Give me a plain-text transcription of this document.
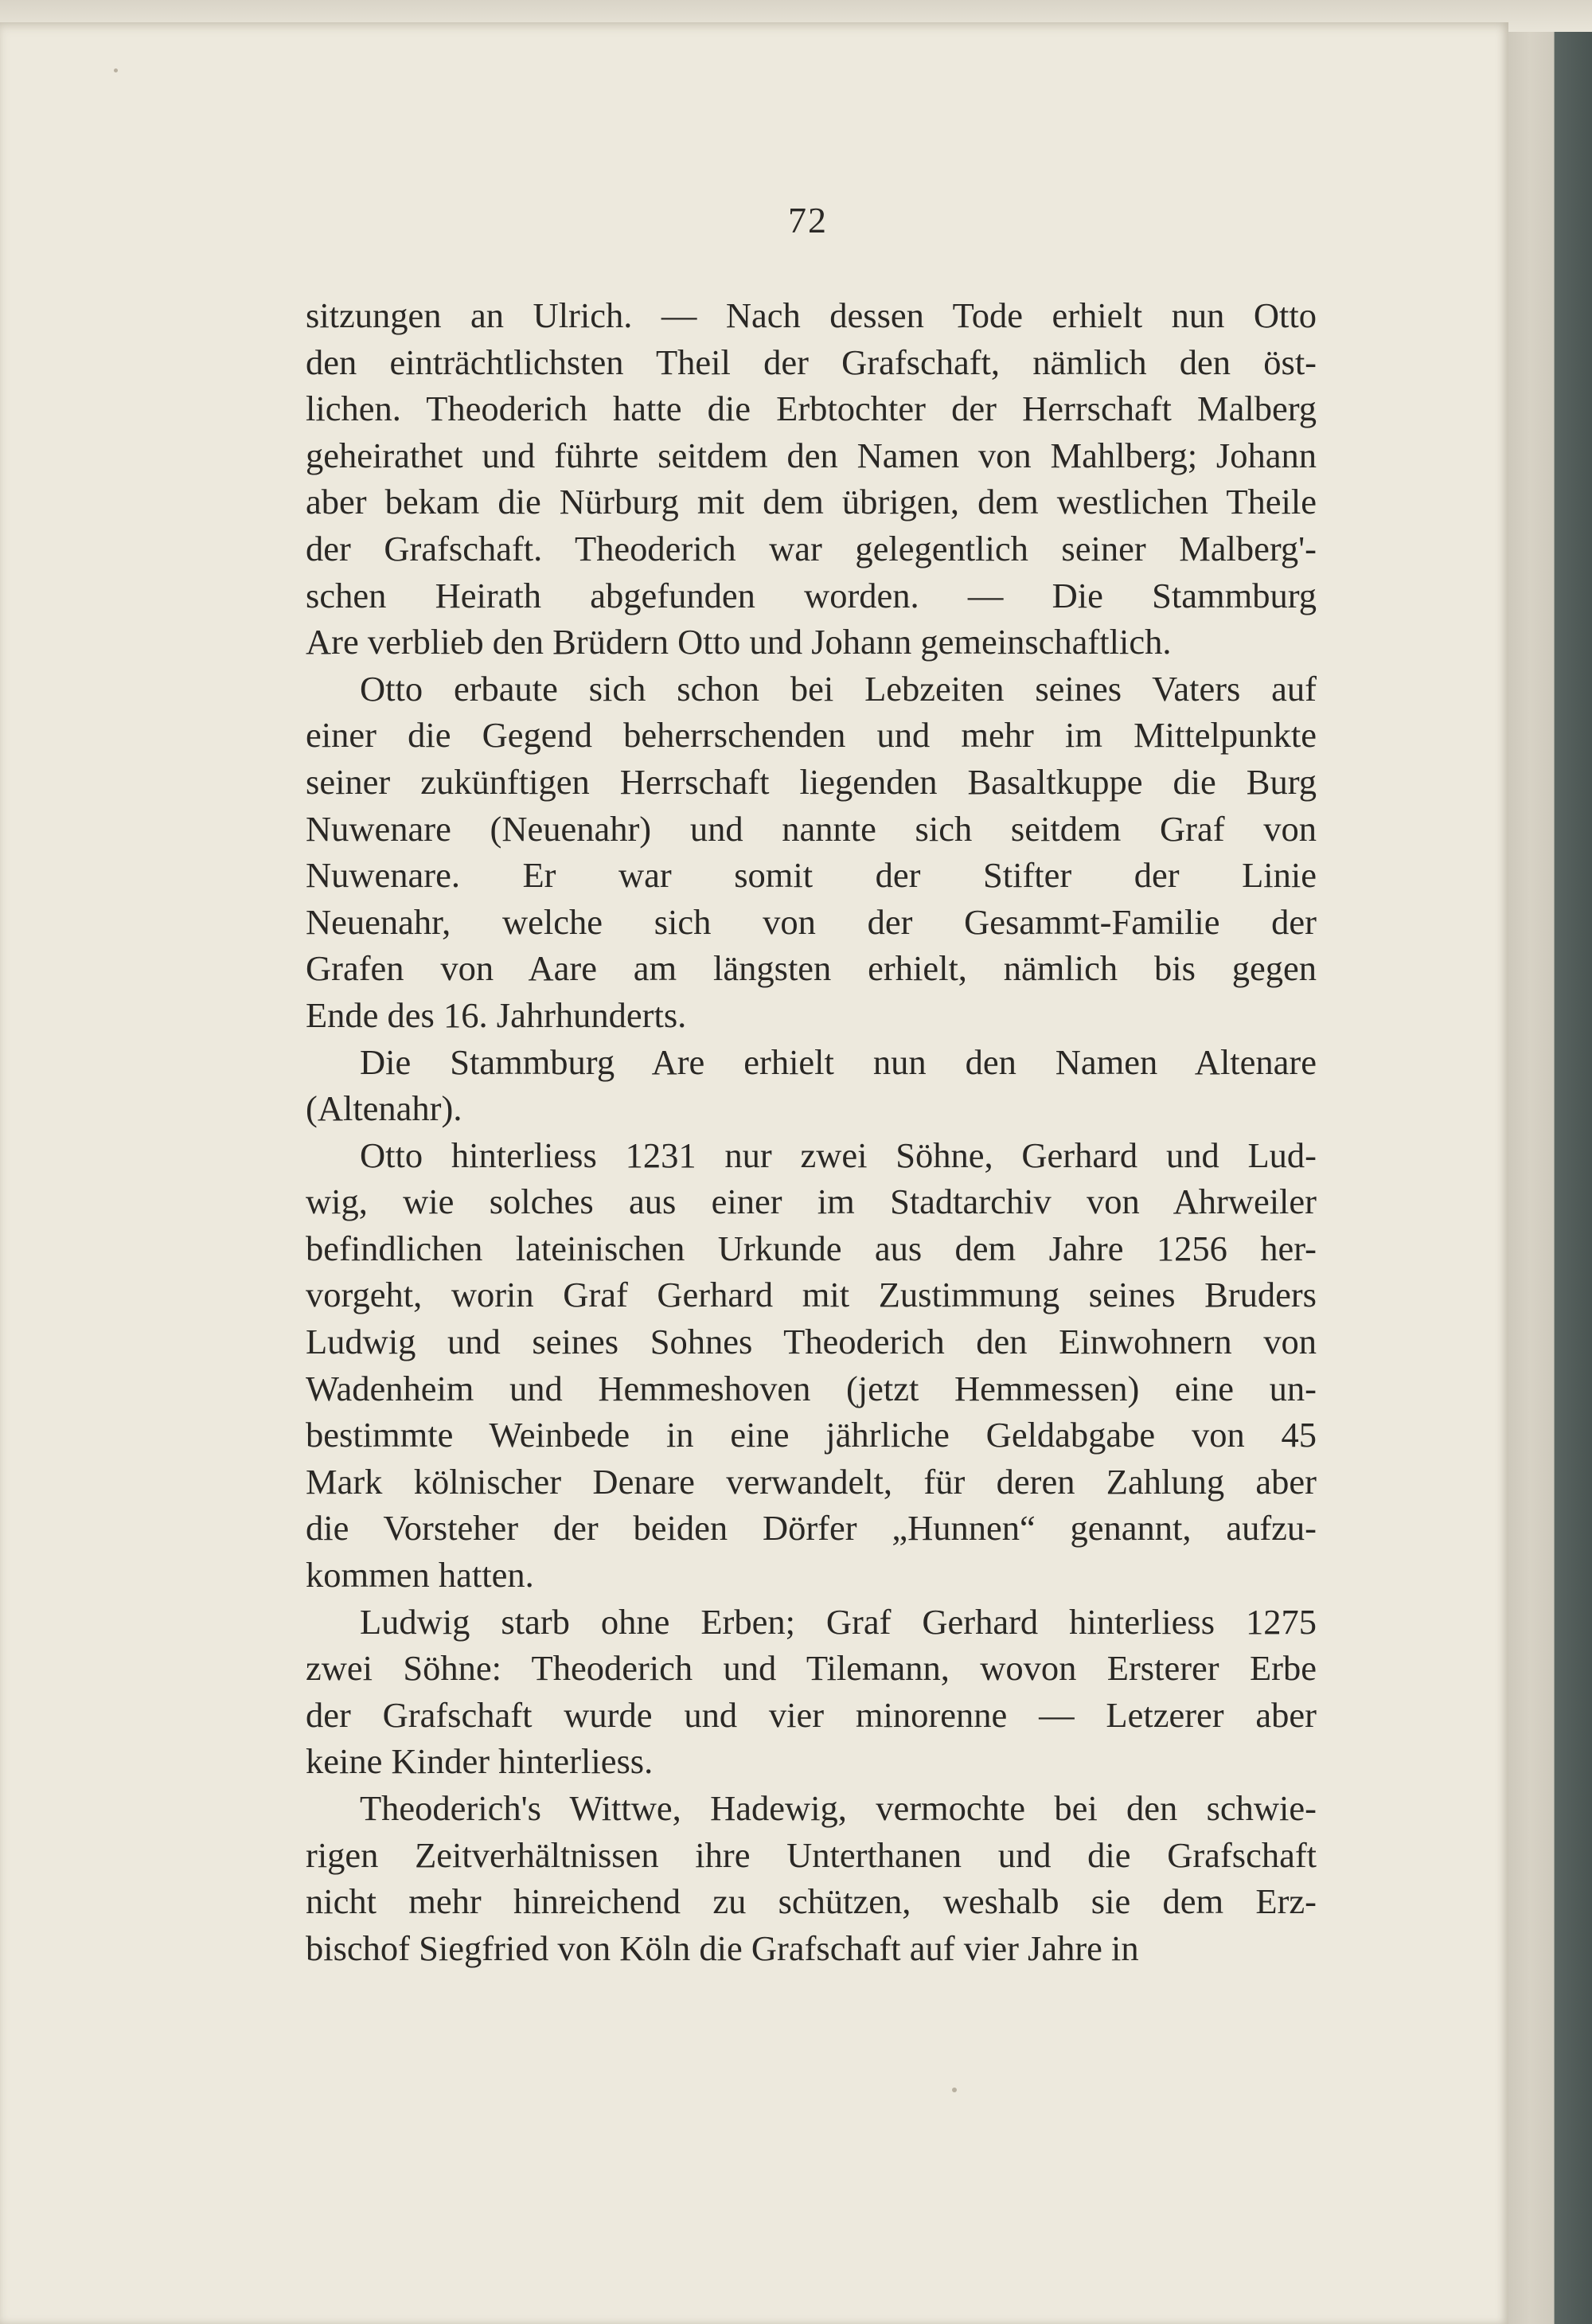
72
sitzungen an Ulrich. — Nach dessen Tode erhielt nun Otto
den einträchtlichsten Theil der Grafschaft, nämlich den öst-
lichen. Theoderich hatte die Erbtochter der Herrschaft Malberg
geheirathet und führte seitdem den Namen von Mahlberg; Johann
aber bekam die Nürburg mit dem übrigen, dem westlichen Theile
der Grafschaft. Theoderich war gelegentlich seiner Malberg'-
schen Heirath abgefunden worden. — Die Stammburg
Are verblieb den Brüdern Otto und Johann gemeinschaftlich.
Otto erbaute sich schon bei Lebzeiten seines Vaters auf
einer die Gegend beherrschenden und mehr im Mittelpunkte
seiner zukünftigen Herrschaft liegenden Basaltkuppe die Burg
Nuwenare (Neuenahr) und nannte sich seitdem Graf von
Nuwenare. Er war somit der Stifter der Linie
Neuenahr, welche sich von der Gesammt-Familie der
Grafen von Aare am längsten erhielt, nämlich bis gegen
Ende des 16. Jahrhunderts.
Die Stammburg Are erhielt nun den Namen Altenare
(Altenahr).
Otto hinterliess 1231 nur zwei Söhne, Gerhard und Lud-
wig, wie solches aus einer im Stadtarchiv von Ahrweiler
befindlichen lateinischen Urkunde aus dem Jahre 1256 her-
vorgeht, worin Graf Gerhard mit Zustimmung seines Bruders
Ludwig und seines Sohnes Theoderich den Einwohnern von
Wadenheim und Hemmeshoven (jetzt Hemmessen) eine un-
bestimmte Weinbede in eine jährliche Geldabgabe von 45
Mark kölnischer Denare verwandelt, für deren Zahlung aber
die Vorsteher der beiden Dörfer „Hunnen“ genannt, aufzu-
kommen hatten.
Ludwig starb ohne Erben; Graf Gerhard hinterliess 1275
zwei Söhne: Theoderich und Tilemann, wovon Ersterer Erbe
der Grafschaft wurde und vier minorenne — Letzerer aber
keine Kinder hinterliess.
Theoderich's Wittwe, Hadewig, vermochte bei den schwie-
rigen Zeitverhältnissen ihre Unterthanen und die Grafschaft
nicht mehr hinreichend zu schützen, weshalb sie dem Erz-
bischof Siegfried von Köln die Grafschaft auf vier Jahre in
